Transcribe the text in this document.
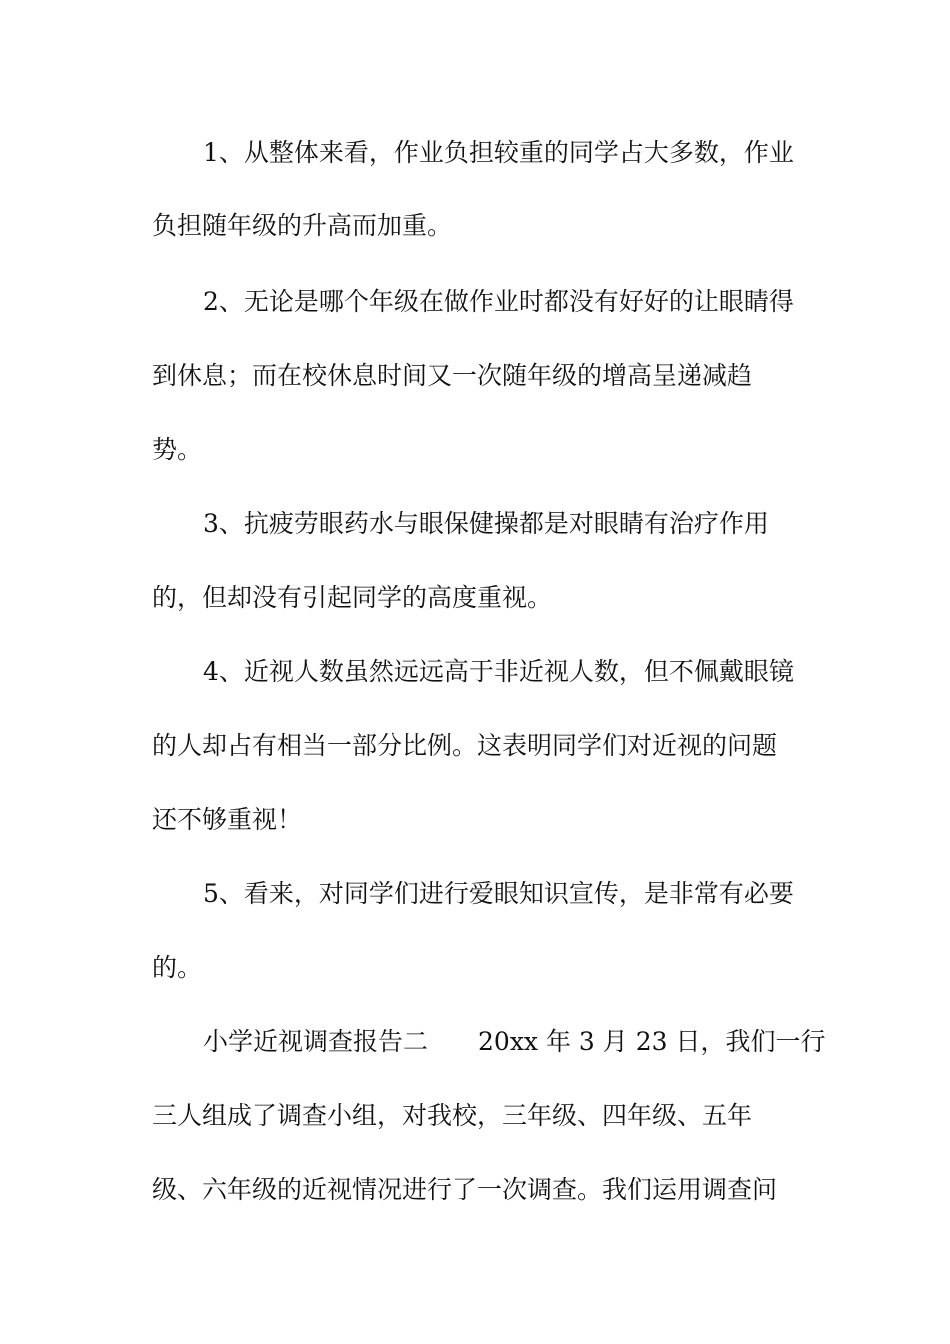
1、从整体来看，作业负担较重的同学占大多数，作业
负担随年级的升高而加重。
2、无论是哪个年级在做作业时都没有好好的让眼睛得
到休息；而在校休息时间又一次随年级的增高呈递减趋
势。
3、抗疲劳眼药水与眼保健操都是对眼睛有治疗作用
的，但却没有引起同学的高度重视。
4、近视人数虽然远远高于非近视人数，但不佩戴眼镜
的人却占有相当一部分比例。这表明同学们对近视的问题
还不够重视！
5、看来，对同学们进行爱眼知识宣传，是非常有必要
的。
小学近视调查报告二　　20xx 年 3 月 23 日，我们一行
三人组成了调查小组，对我校，三年级、四年级、五年
级、六年级的近视情况进行了一次调查。我们运用调查问
